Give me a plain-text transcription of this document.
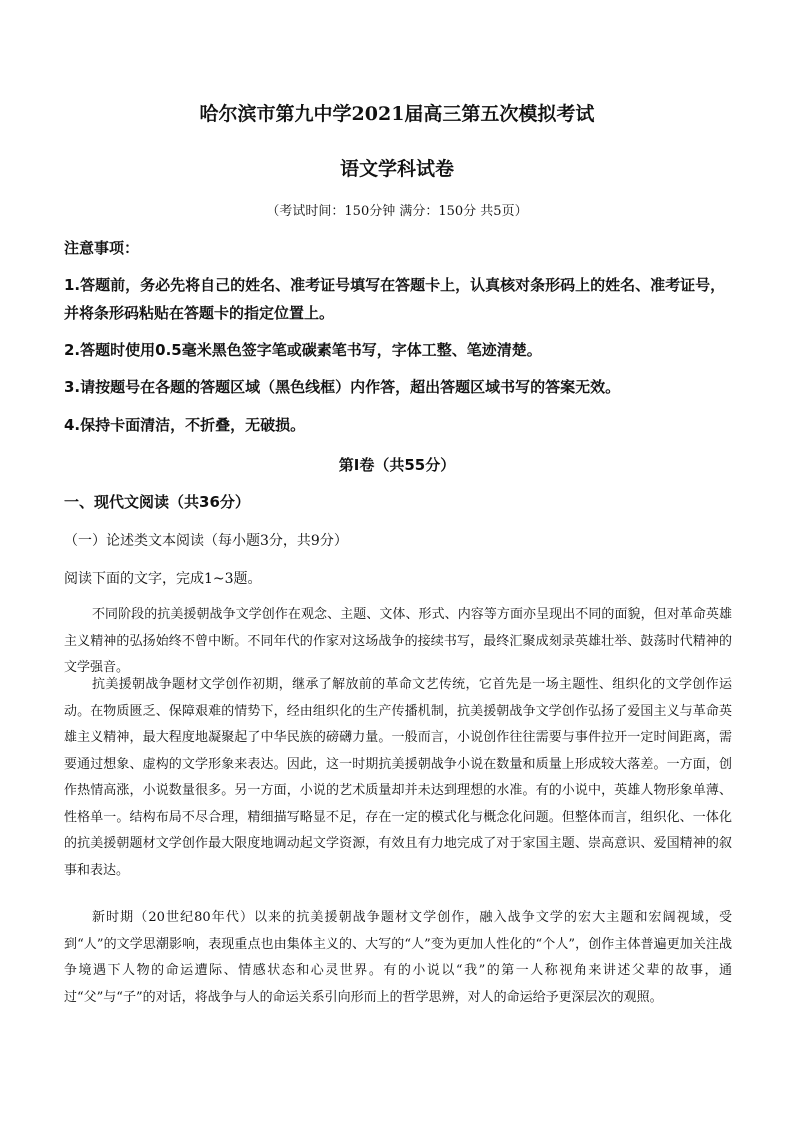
哈尔滨市第九中学2021届高三第五次模拟考试
语文学科试卷
（考试时间：150分钟 满分：150分 共5页）
注意事项：
1.答题前，务必先将自己的姓名、准考证号填写在答题卡上，认真核对条形码上的姓名、准考证号，并将条形码粘贴在答题卡的指定位置上。
2.答题时使用0.5毫米黑色签字笔或碳素笔书写，字体工整、笔迹清楚。
3.请按题号在各题的答题区域（黑色线框）内作答，超出答题区域书写的答案无效。
4.保持卡面清洁，不折叠，无破损。
第Ⅰ卷（共55分）
一、现代文阅读（共36分）
（一）论述类文本阅读（每小题3分，共9分）
阅读下面的文字，完成1~3题。

不同阶段的抗美援朝战争文学创作在观念、主题、文体、形式、内容等方面亦呈现出不同的面貌，但对革命英雄主义精神的弘扬始终不曾中断。不同年代的作家对这场战争的接续书写，最终汇聚成刻录英雄壮举、鼓荡时代精神的文学强音。

抗美援朝战争题材文学创作初期，继承了解放前的革命文艺传统，它首先是一场主题性、组织化的文学创作运动。在物质匮乏、保障艰难的情势下，经由组织化的生产传播机制，抗美援朝战争文学创作弘扬了爱国主义与革命英雄主义精神，最大程度地凝聚起了中华民族的磅礴力量。一般而言，小说创作往往需要与事件拉开一定时间距离，需要通过想象、虚构的文学形象来表达。因此，这一时期抗美援朝战争小说在数量和质量上形成较大落差。一方面，创作热情高涨，小说数量很多。另一方面，小说的艺术质量却并未达到理想的水准。有的小说中，英雄人物形象单薄、性格单一。结构布局不尽合理，精细描写略显不足，存在一定的模式化与概念化问题。但整体而言，组织化、一体化的抗美援朝题材文学创作最大限度地调动起文学资源，有效且有力地完成了对于家国主题、崇高意识、爱国精神的叙事和表达。

新时期（20世纪80年代）以来的抗美援朝战争题材文学创作，融入战争文学的宏大主题和宏阔视域，受到“人”的文学思潮影响，表现重点也由集体主义的、大写的“人”变为更加人性化的“个人”，创作主体普遍更加关注战争境遇下人物的命运遭际、情感状态和心灵世界。有的小说以“我”的第一人称视角来讲述父辈的故事，通过“父”与“子”的对话，将战争与人的命运关系引向形而上的哲学思辨，对人的命运给予更深层次的观照。
